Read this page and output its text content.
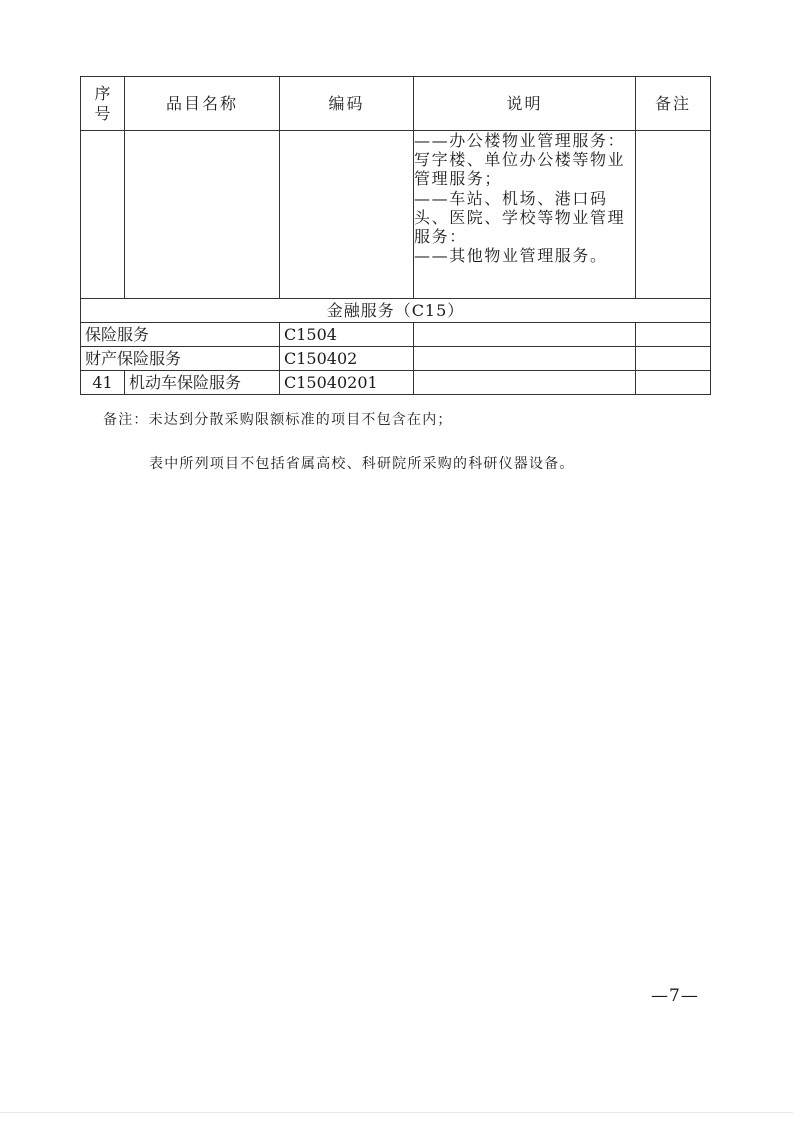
序号	品目名称	编码	说明	备注
			——办公楼物业管理服务：写字楼、单位办公楼等物业管理服务；
——车站、机场、港口码头、医院、学校等物业管理服务：
——其他物业管理服务。	
金融服务（C15）				
保险服务		C1504		
财产保险服务		C150402		
41	机动车保险服务	C15040201		
备注：未达到分散采购限额标准的项目不包含在内；
表中所列项目不包括省属高校、科研院所采购的科研仪器设备。
—7—
